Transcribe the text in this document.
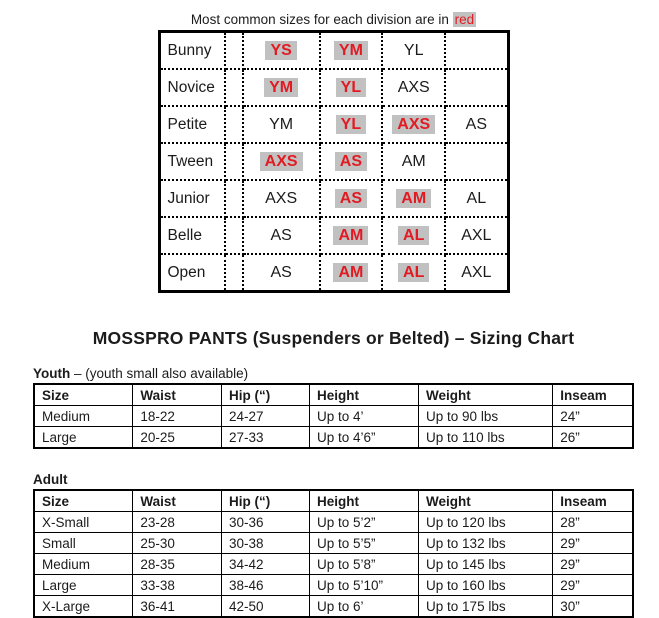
Most common sizes for each division are in red
Bunny		YS	YM	YL	
Novice		YM	YL	AXS	
Petite		YM	YL	AXS	AS
Tween		AXS	AS	AM	
Junior		AXS	AS	AM	AL
Belle		AS	AM	AL	AXL
Open		AS	AM	AL	AXL
MOSSPRO PANTS (Suspenders or Belted) – Sizing Chart
Youth – (youth small also available)
Size	Waist	Hip (“)	Height	Weight	Inseam
Medium	18-22	24-27	Up to 4’	Up to 90 lbs	24”
Large	20-25	27-33	Up to 4’6”	Up to 110 lbs	26”
Adult
Size	Waist	Hip (“)	Height	Weight	Inseam
X-Small	23-28	30-36	Up to 5’2”	Up to 120 lbs	28”
Small	25-30	30-38	Up to 5’5”	Up to 132 lbs	29”
Medium	28-35	34-42	Up to 5’8”	Up to 145 lbs	29”
Large	33-38	38-46	Up to 5’10”	Up to 160 lbs	29”
X-Large	36-41	42-50	Up to 6’	Up to 175 lbs	30”
